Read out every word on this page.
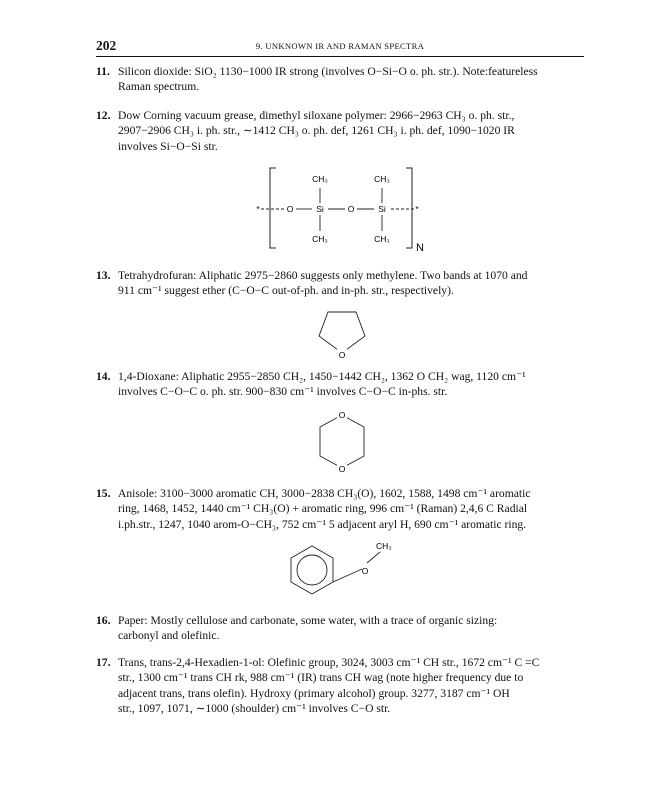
202	9. UNKNOWN IR AND RAMAN SPECTRA
11. Silicon dioxide: SiO₂ 1130−1000 IR strong (involves O−Si−O o. ph. str.). Note:featureless
Raman spectrum.
12. Dow Corning vacuum grease, dimethyl siloxane polymer: 2966−2963 CH₃ o. ph. str.,
2907−2906 CH₃ i. ph. str., ∼1412 CH₃ o. ph. def, 1261 CH₃ i. ph. def, 1090−1020 IR
involves Si−O−Si str.
CH₃	CH₃
CH₃	CH₃
*	*
O	Si	O	Si
N
13. Tetrahydrofuran: Aliphatic 2975−2860 suggests only methylene. Two bands at 1070 and
911 cm⁻¹ suggest ether (C−O−C out-of-ph. and in-ph. str., respectively).
O
14. 1,4-Dioxane: Aliphatic 2955−2850 CH₂, 1450−1442 CH₂, 1362 O CH₂ wag, 1120 cm⁻¹
involves C−O−C o. ph. str. 900−830 cm⁻¹ involves C−O−C in-phs. str.
O
O
15. Anisole: 3100−3000 aromatic CH, 3000−2838 CH₃(O), 1602, 1588, 1498 cm⁻¹ aromatic
ring, 1468, 1452, 1440 cm⁻¹ CH₃(O) + aromatic ring, 996 cm⁻¹ (Raman) 2,4,6 C Radial
i.ph.str., 1247, 1040 arom-O−CH₃, 752 cm⁻¹ 5 adjacent aryl H, 690 cm⁻¹ aromatic ring.
O
CH₃
16. Paper: Mostly cellulose and carbonate, some water, with a trace of organic sizing:
carbonyl and olefinic.
17. Trans, trans-2,4-Hexadien-1-ol: Olefinic group, 3024, 3003 cm⁻¹ CH str., 1672 cm⁻¹ C =C
str., 1300 cm⁻¹ trans CH rk, 988 cm⁻¹ (IR) trans CH wag (note higher frequency due to
adjacent trans, trans olefin). Hydroxy (primary alcohol) group. 3277, 3187 cm⁻¹ OH
str., 1097, 1071, ∼1000 (shoulder) cm⁻¹ involves C−O str.
